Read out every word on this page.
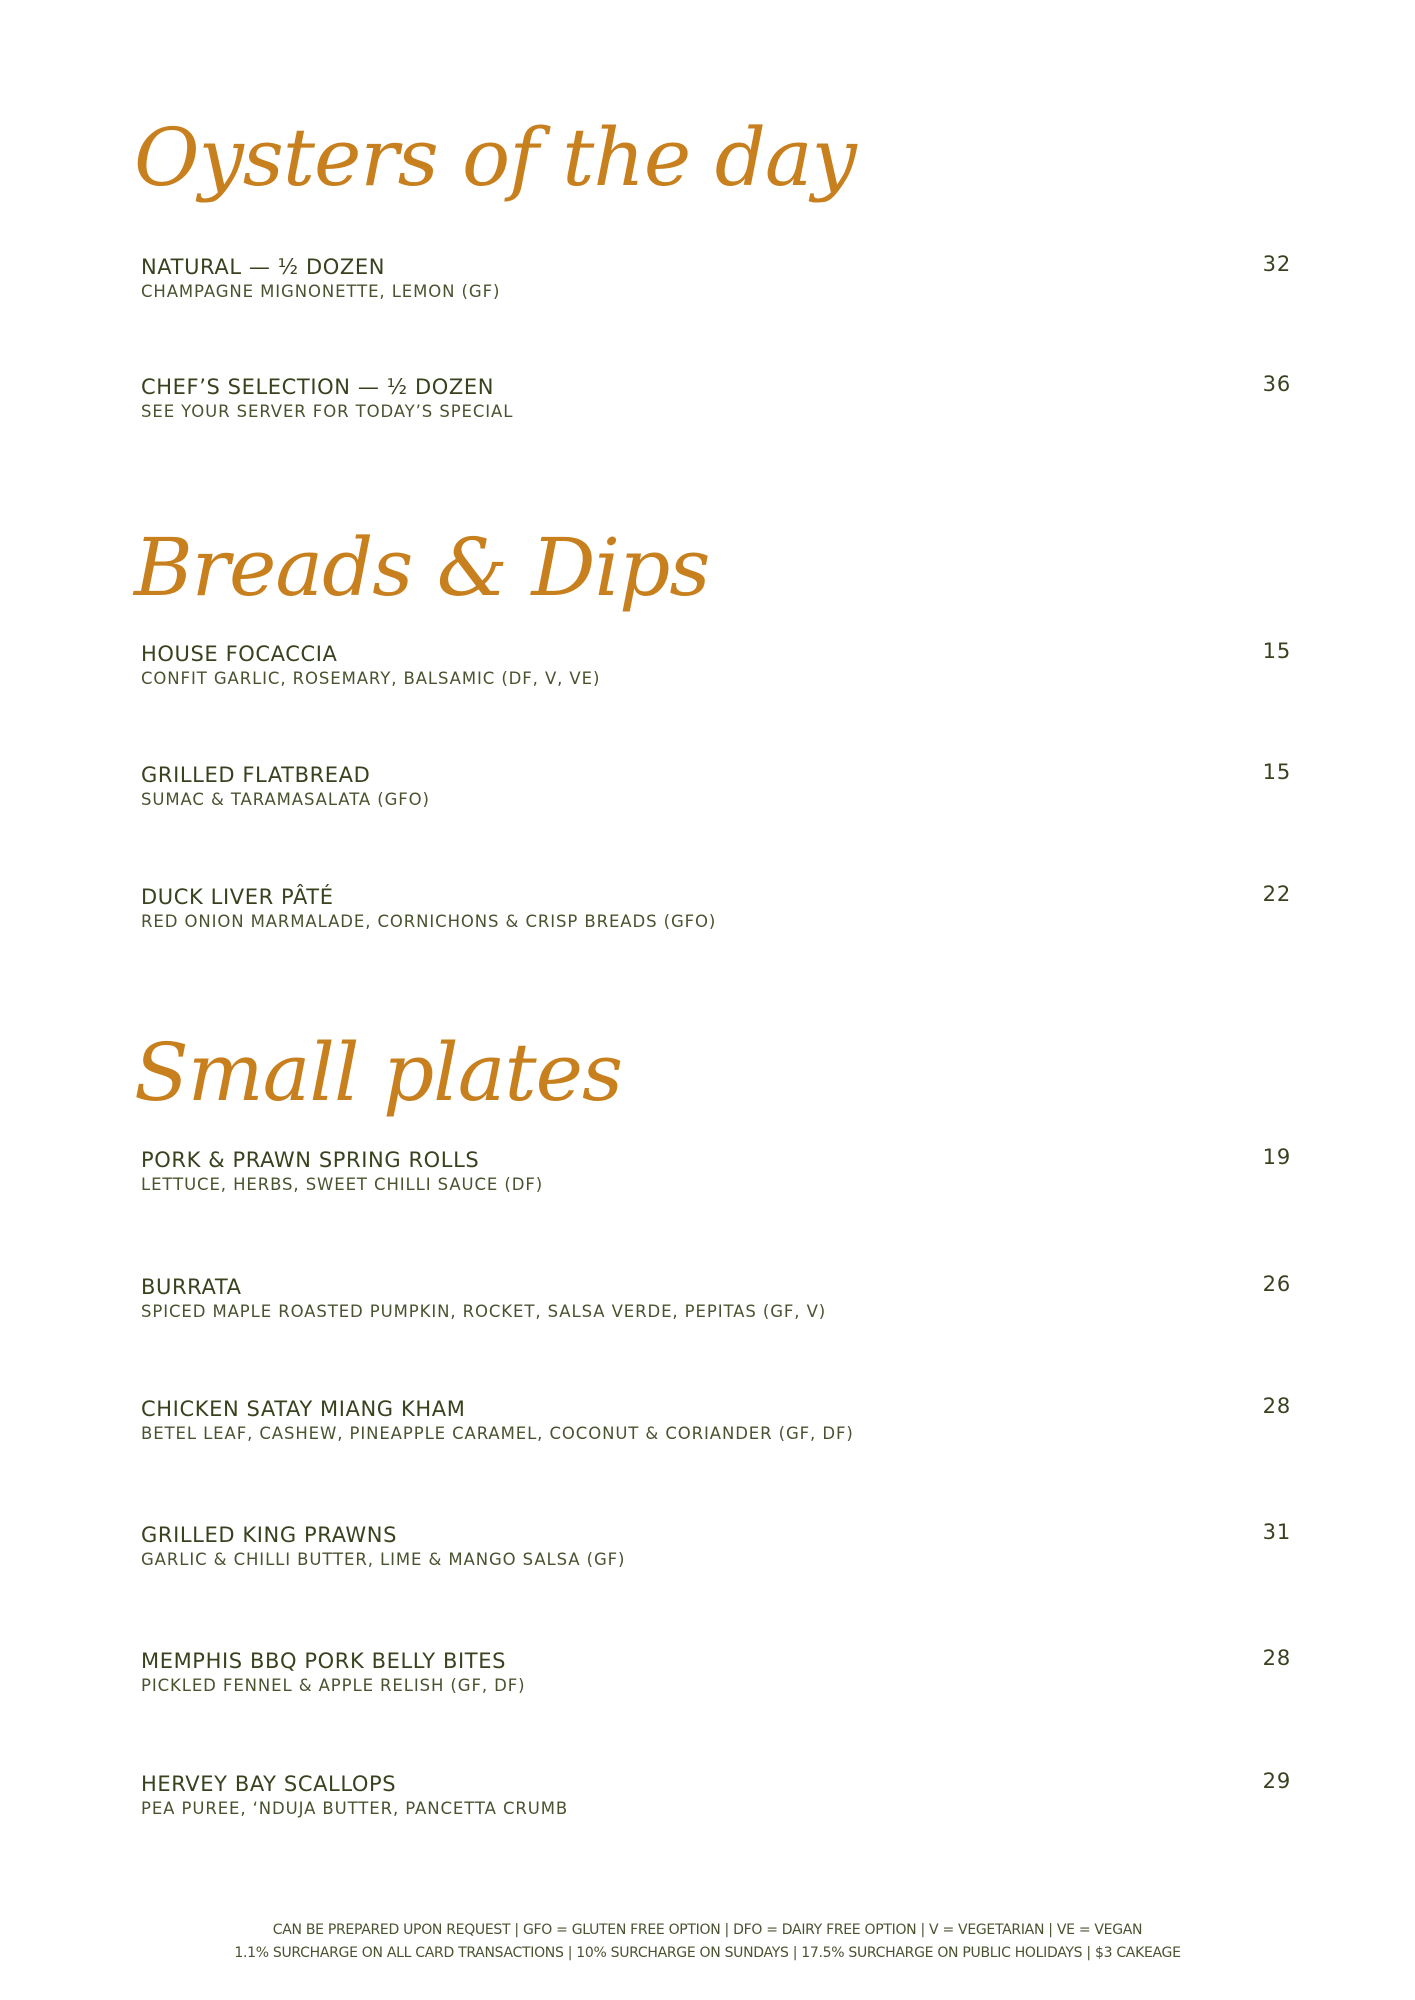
Oysters of the day
NATURAL — ½ DOZEN
CHAMPAGNE MIGNONETTE, LEMON (GF)
32
CHEF’S SELECTION — ½ DOZEN
SEE YOUR SERVER FOR TODAY’S SPECIAL
36
Breads & Dips
HOUSE FOCACCIA
CONFIT GARLIC, ROSEMARY, BALSAMIC (DF, V, VE)
15
GRILLED FLATBREAD
SUMAC & TARAMASALATA (GFO)
15
DUCK LIVER PÂTÉ
RED ONION MARMALADE, CORNICHONS & CRISP BREADS (GFO)
22
Small plates
PORK & PRAWN SPRING ROLLS
LETTUCE, HERBS, SWEET CHILLI SAUCE (DF)
19
BURRATA
SPICED MAPLE ROASTED PUMPKIN, ROCKET, SALSA VERDE, PEPITAS (GF, V)
26
CHICKEN SATAY MIANG KHAM
BETEL LEAF, CASHEW, PINEAPPLE CARAMEL, COCONUT & CORIANDER (GF, DF)
28
GRILLED KING PRAWNS
GARLIC & CHILLI BUTTER, LIME & MANGO SALSA (GF)
31
MEMPHIS BBQ PORK BELLY BITES
PICKLED FENNEL & APPLE RELISH (GF, DF)
28
HERVEY BAY SCALLOPS
PEA PUREE, ‘NDUJA BUTTER, PANCETTA CRUMB
29
CAN BE PREPARED UPON REQUEST | GFO = GLUTEN FREE OPTION | DFO = DAIRY FREE OPTION | V = VEGETARIAN | VE = VEGAN
1.1% SURCHARGE ON ALL CARD TRANSACTIONS | 10% SURCHARGE ON SUNDAYS | 17.5% SURCHARGE ON PUBLIC HOLIDAYS | $3 CAKEAGE
